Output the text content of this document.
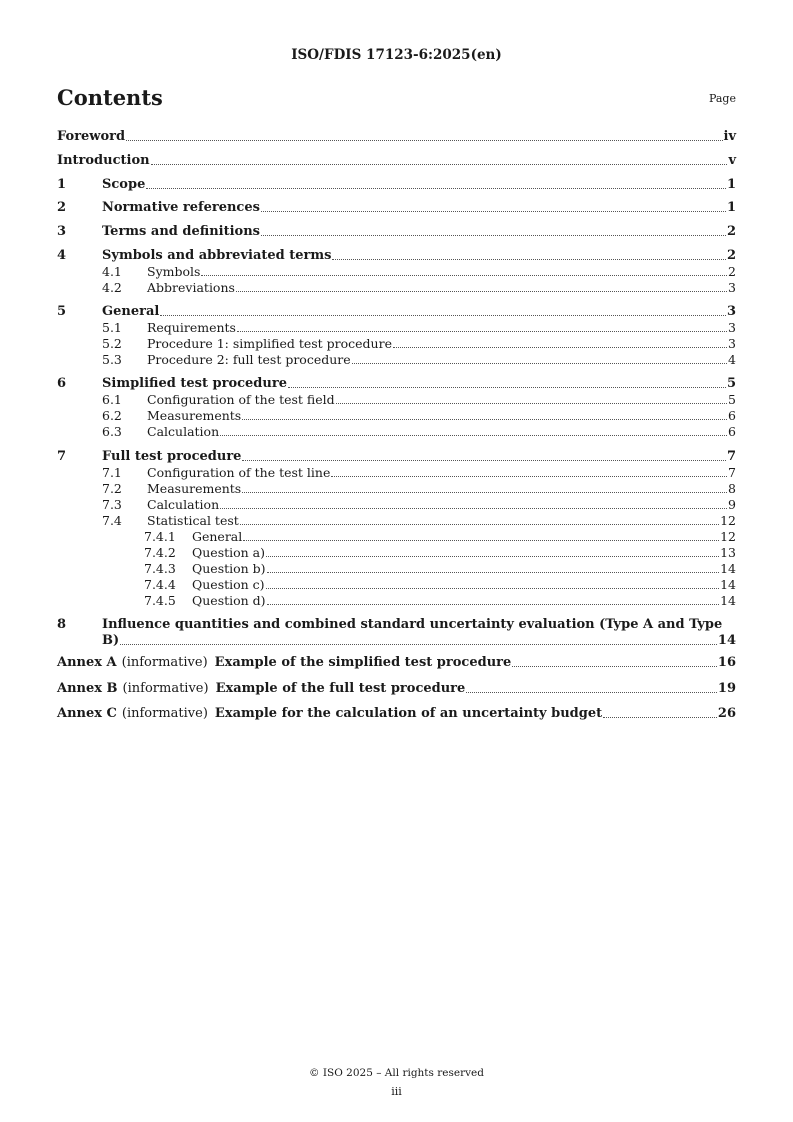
ISO/FDIS 17123-6:2025(en)
Contents	Page
Foreword	iv
Introduction	v
1	Scope	1
2	Normative references	1
3	Terms and definitions	2
4	Symbols and abbreviated terms	2
4.1	Symbols	2
4.2	Abbreviations	3
5	General	3
5.1	Requirements	3
5.2	Procedure 1: simplified test procedure	3
5.3	Procedure 2: full test procedure	4
6	Simplified test procedure	5
6.1	Configuration of the test field	5
6.2	Measurements	6
6.3	Calculation	6
7	Full test procedure	7
7.1	Configuration of the test line	7
7.2	Measurements	8
7.3	Calculation	9
7.4	Statistical test	12
7.4.1	General	12
7.4.2	Question a)	13
7.4.3	Question b)	14
7.4.4	Question c)	14
7.4.5	Question d)	14
8	Influence quantities and combined standard uncertainty evaluation (Type A and Type
B)	14
Annex A (informative) Example of the simplified test procedure	16
Annex B (informative) Example of the full test procedure	19
Annex C (informative) Example for the calculation of an uncertainty budget	26
© ISO 2025 – All rights reserved
iii
